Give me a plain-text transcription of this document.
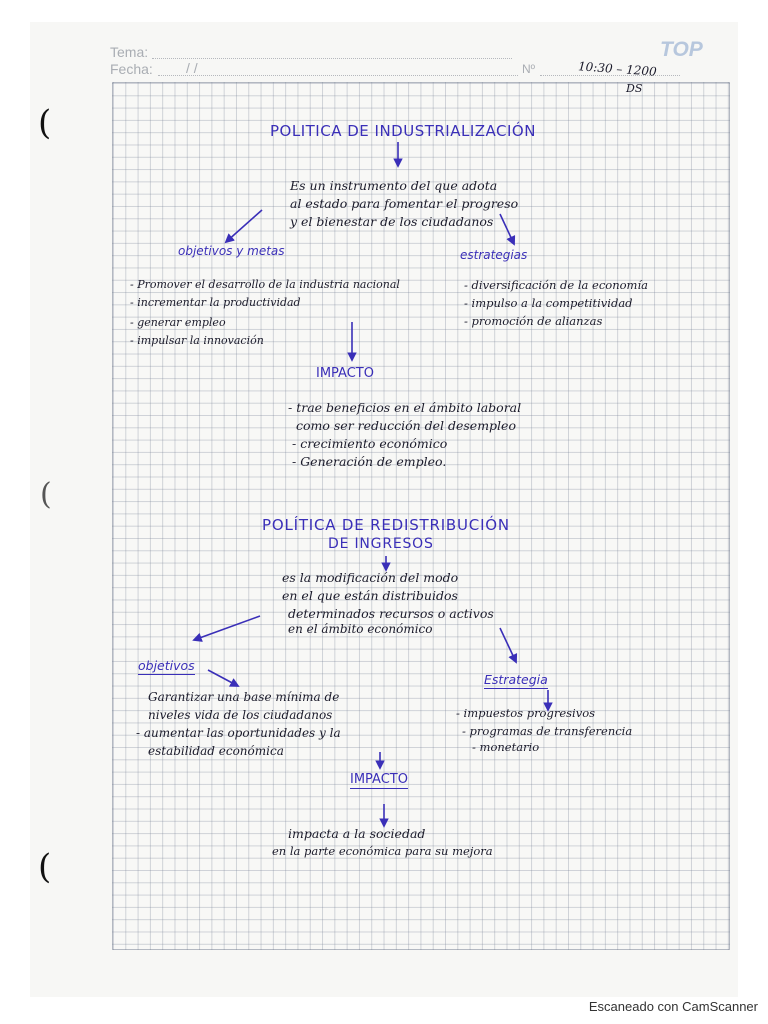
Tema:
Fecha: / /	Nº
TOP
10:30 – 1200
DS
(
(
(
POLITICA DE INDUSTRIALIZACIÓN
Es un instrumento del que adota
al estado para fomentar el progreso
y el bienestar de los ciudadanos
objetivos y metas	estrategias
- Promover el desarrollo de la industria nacional
- incrementar la productividad
- generar empleo
- impulsar la innovación
- diversificación de la economía
- impulso a la competitividad
- promoción de alianzas
IMPACTO
- trae beneficios en el ámbito laboral
como ser reducción del desempleo
- crecimiento económico
- Generación de empleo.
POLÍTICA DE REDISTRIBUCIÓN
DE INGRESOS
es la modificación del modo
en el que están distribuidos
determinados recursos o activos
en el ámbito económico
objetivos
Estrategia
Garantizar una base mínima de
niveles vida de los ciudadanos
- aumentar las oportunidades y la
estabilidad económica
- impuestos progresivos
- programas de transferencia
- monetario
IMPACTO
impacta a la sociedad
en la parte económica para su mejora
Escaneado con CamScanner
